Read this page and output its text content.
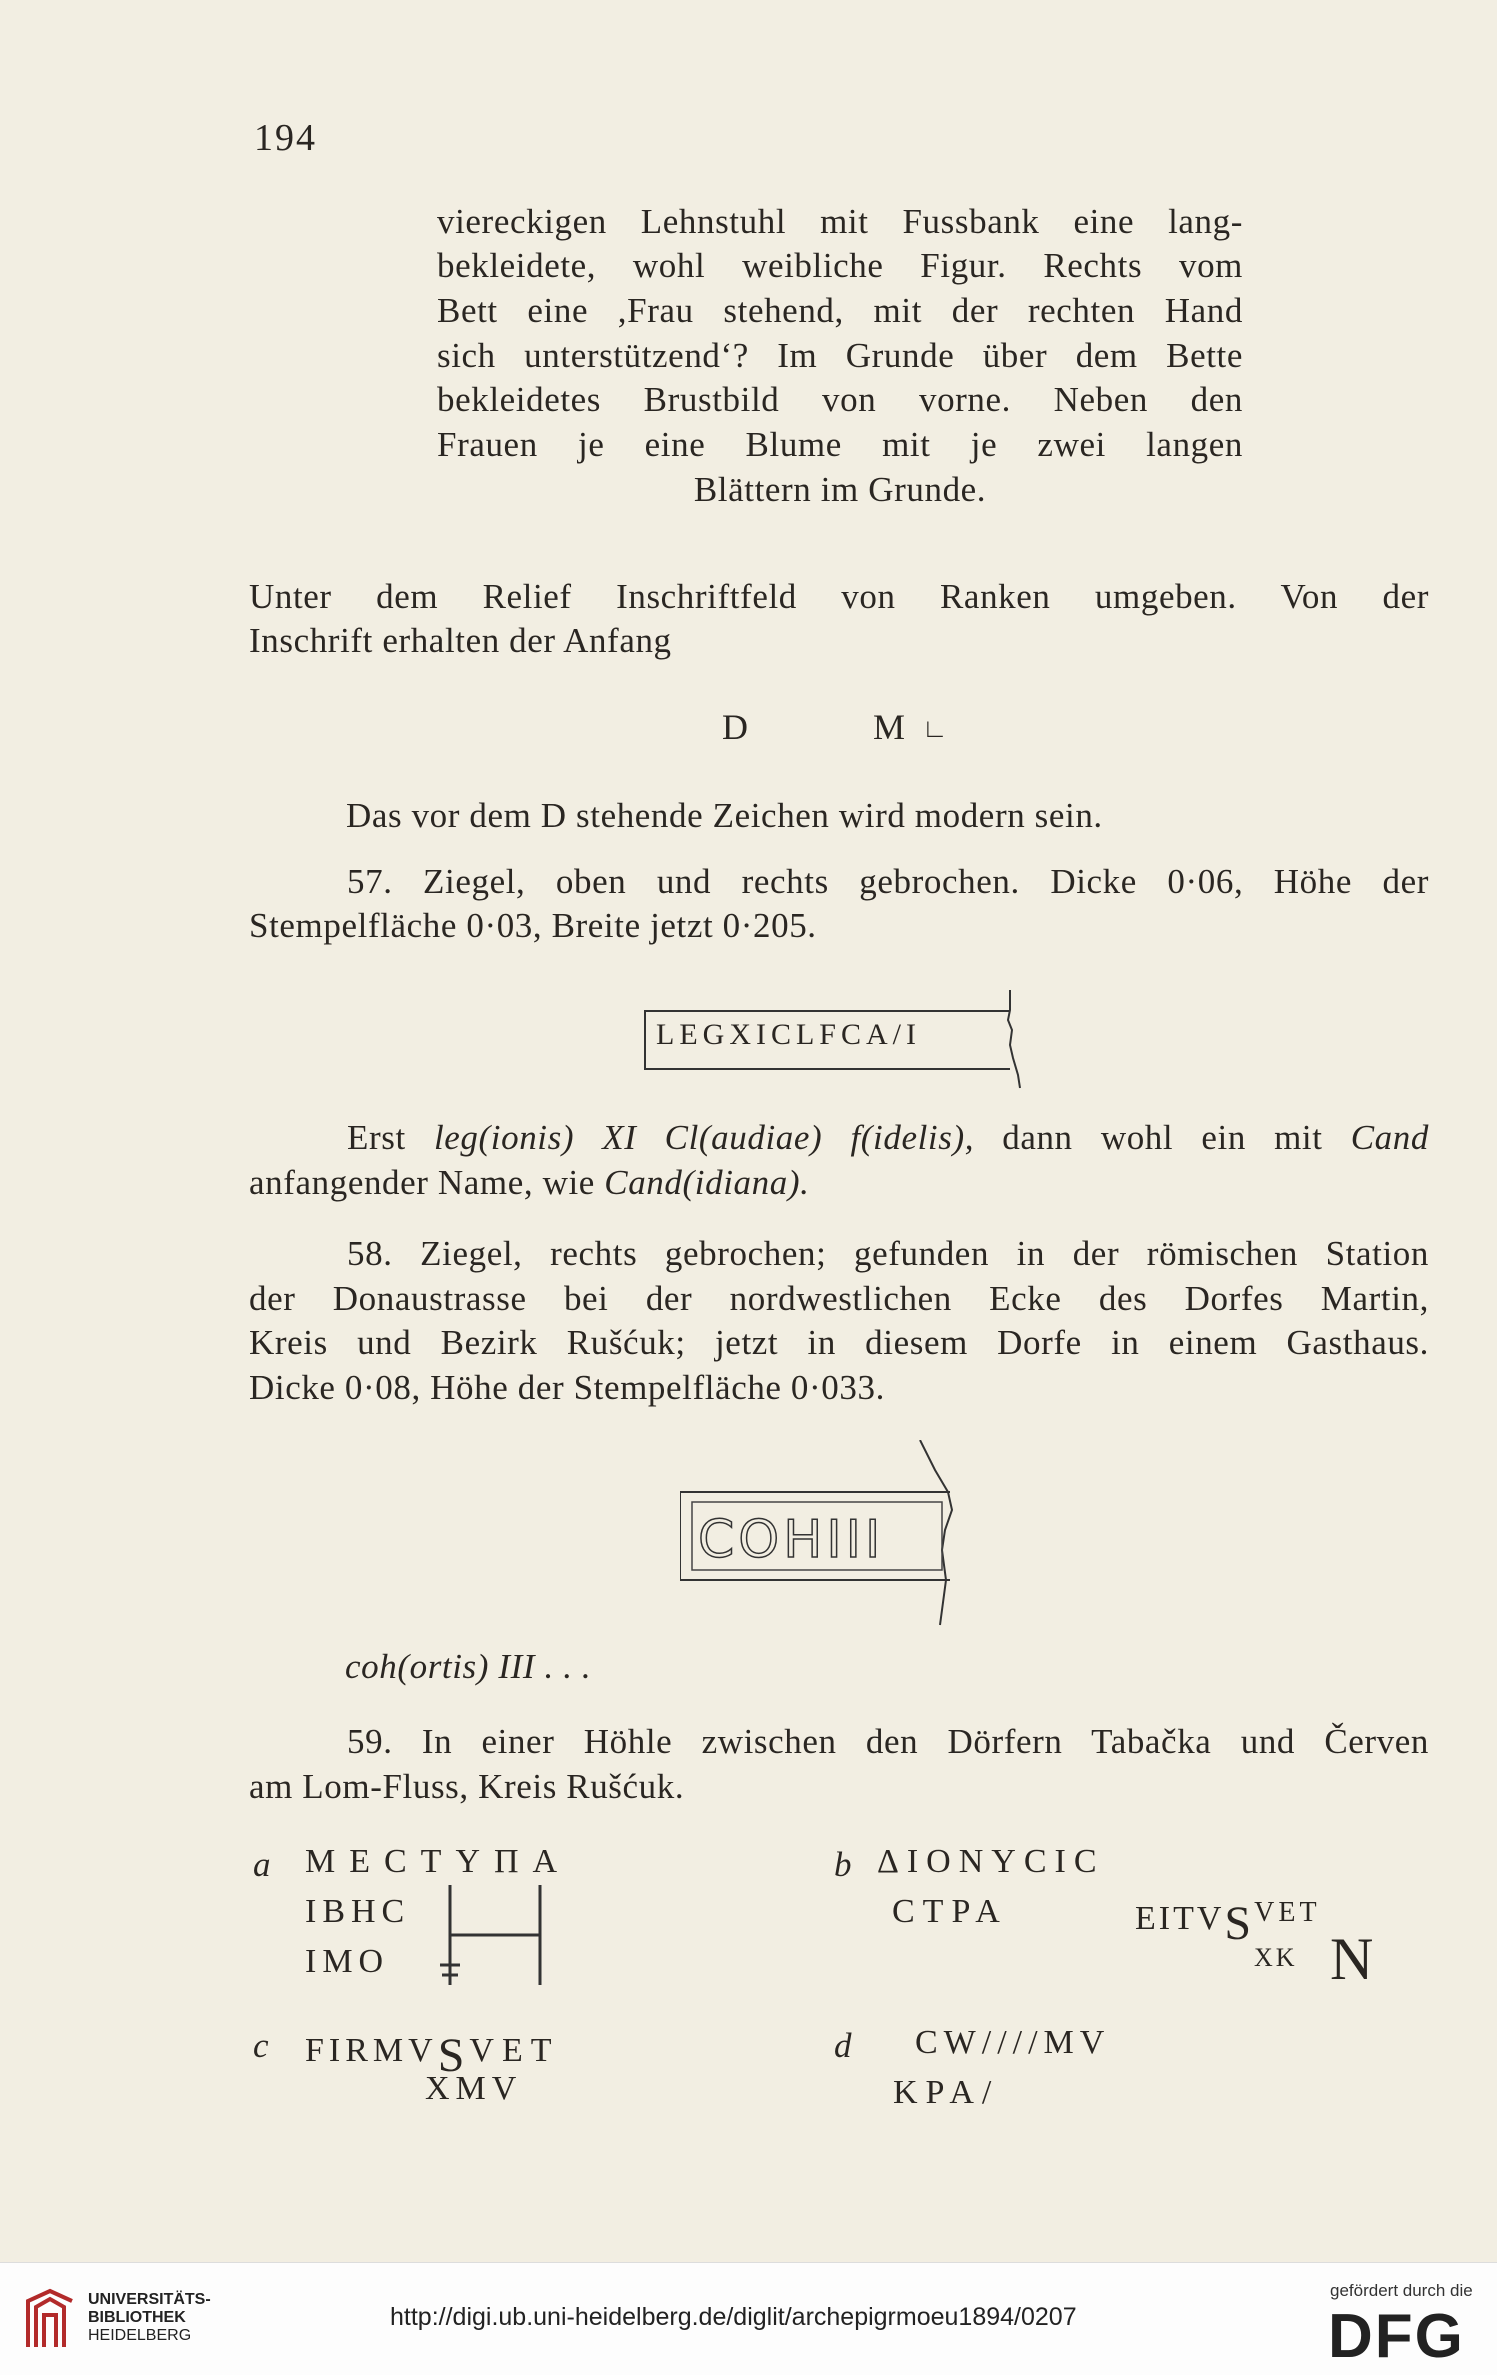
194
viereckigen Lehnstuhl mit Fussbank eine lang-
bekleidete, wohl weibliche Figur. Rechts vom
Bett eine ,Frau stehend, mit der rechten Hand
sich unterstützend‘? Im Grunde über dem Bette
bekleidetes Brustbild von vorne. Neben den
Frauen je eine Blume mit je zwei langen
Blättern im Grunde.
Unter dem Relief Inschriftfeld von Ranken umgeben. Von der
Inschrift erhalten der Anfang
D	M ∟
Das vor dem D stehende Zeichen wird modern sein.
57. Ziegel, oben und rechts gebrochen. Dicke 0·06, Höhe der
Stempelfläche 0·03, Breite jetzt 0·205.
LEGXICLFCA/I
Erst leg(ionis) XI Cl(audiae) f(idelis), dann wohl ein mit Cand
anfangender Name, wie Cand(idiana).
58. Ziegel, rechts gebrochen; gefunden in der römischen Station
der Donaustrasse bei der nordwestlichen Ecke des Dorfes Martin,
Kreis und Bezirk Rušćuk; jetzt in diesem Dorfe in einem Gasthaus.
Dicke 0·08, Höhe der Stempelfläche 0·033.
COHIII
coh(ortis) III . . .
59. In einer Höhle zwischen den Dörfern Tabačka und Červen
am Lom-Fluss, Kreis Rušćuk.
a MECTYΠA
IBHC
IMO
b ΔIONYCIC
CTPA	$EITVS^{VET}$
XK N
c FIRMVSVET
XMV
d CW////MV
KPA/
UNIVERSITÄTS-
BIBLIOTHEK
HEIDELBERG
http://digi.ub.uni-heidelberg.de/diglit/archepigrmoeu1894/0207
gefördert durch die
DFG
